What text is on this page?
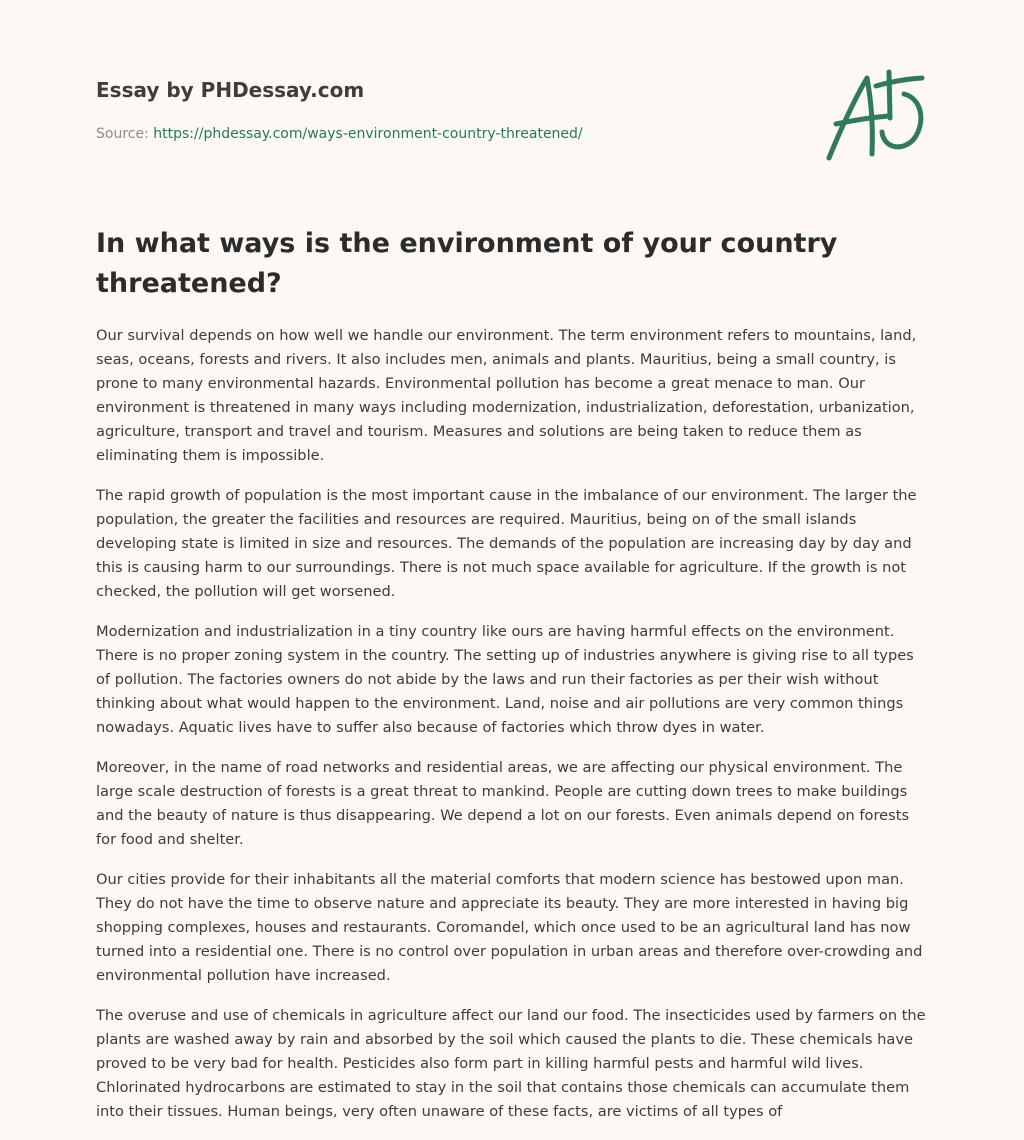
Essay by PHDessay.com
Source: https://phdessay.com/ways-environment-country-threatened/
In what ways is the environment of your country threatened?

Our survival depends on how well we handle our environment. The term environment refers to mountains, land, seas, oceans, forests and rivers. It also includes men, animals and plants. Mauritius, being a small country, is prone to many environmental hazards. Environmental pollution has become a great menace to man. Our environment is threatened in many ways including modernization, industrialization, deforestation, urbanization, agriculture, transport and travel and tourism. Measures and solutions are being taken to reduce them as eliminating them is impossible.

The rapid growth of population is the most important cause in the imbalance of our environment. The larger the population, the greater the facilities and resources are required. Mauritius, being on of the small islands developing state is limited in size and resources. The demands of the population are increasing day by day and this is causing harm to our surroundings. There is not much space available for agriculture. If the growth is not checked, the pollution will get worsened.

Modernization and industrialization in a tiny country like ours are having harmful effects on the environment. There is no proper zoning system in the country. The setting up of industries anywhere is giving rise to all types of pollution. The factories owners do not abide by the laws and run their factories as per their wish without thinking about what would happen to the environment. Land, noise and air pollutions are very common things nowadays. Aquatic lives have to suffer also because of factories which throw dyes in water.

Moreover, in the name of road networks and residential areas, we are affecting our physical environment. The large scale destruction of forests is a great threat to mankind. People are cutting down trees to make buildings and the beauty of nature is thus disappearing. We depend a lot on our forests. Even animals depend on forests for food and shelter.

Our cities provide for their inhabitants all the material comforts that modern science has bestowed upon man. They do not have the time to observe nature and appreciate its beauty. They are more interested in having big shopping complexes, houses and restaurants. Coromandel, which once used to be an agricultural land has now turned into a residential one. There is no control over population in urban areas and therefore over-crowding and environmental pollution have increased.

The overuse and use of chemicals in agriculture affect our land our food. The insecticides used by farmers on the plants are washed away by rain and absorbed by the soil which caused the plants to die. These chemicals have proved to be very bad for health. Pesticides also form part in killing harmful pests and harmful wild lives. Chlorinated hydrocarbons are estimated to stay in the soil that contains those chemicals can accumulate them into their tissues. Human beings, very often unaware of these facts, are victims of all types of
